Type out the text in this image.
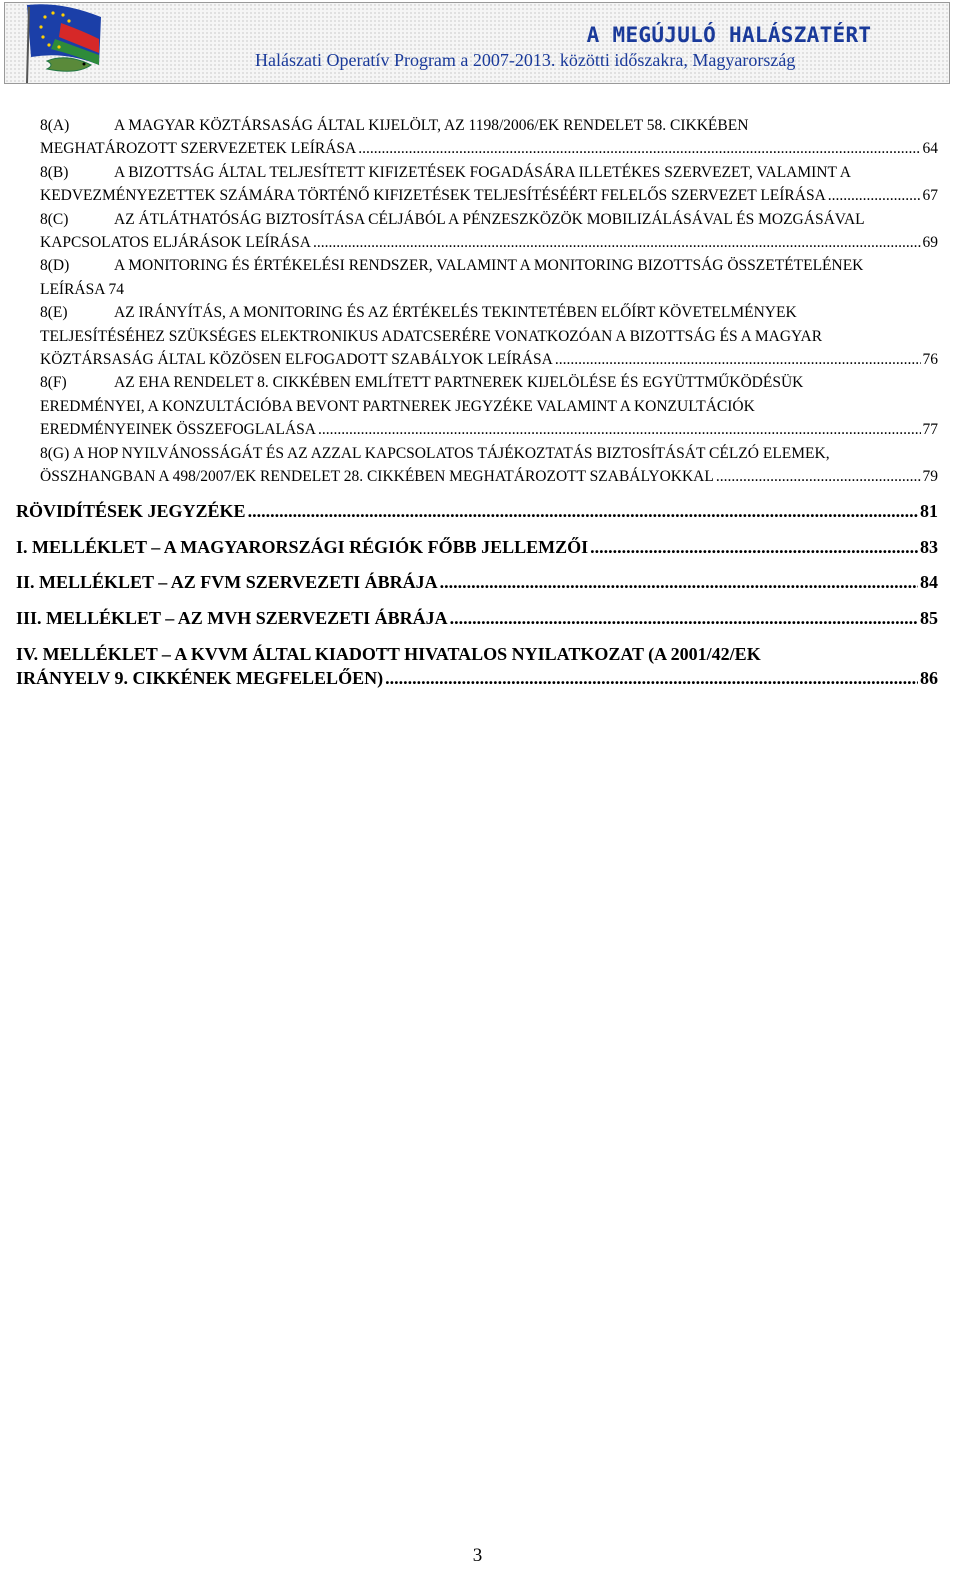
A MEGÚJULÓ HALÁSZATÉRT
Halászati Operatív Program a 2007-2013. közötti időszakra, Magyarország
8(A)	A MAGYAR KÖZTÁRSASÁG ÁLTAL KIJELÖLT, AZ 1198/2006/EK RENDELET 58. CIKKÉBEN
MEGHATÁROZOTT SZERVEZETEK LEÍRÁSA .....	64
8(B)	A BIZOTTSÁG ÁLTAL TELJESÍTETT KIFIZETÉSEK FOGADÁSÁRA ILLETÉKES SZERVEZET, VALAMINT A
KEDVEZMÉNYEZETTEK SZÁMÁRA TÖRTÉNŐ KIFIZETÉSEK TELJESÍTÉSÉÉRT FELELŐS SZERVEZET LEÍRÁSA .....	67
8(C)	AZ ÁTLÁTHATÓSÁG BIZTOSÍTÁSA CÉLJÁBÓL A PÉNZESZKÖZÖK MOBILIZÁLÁSÁVAL ÉS MOZGÁSÁVAL
KAPCSOLATOS ELJÁRÁSOK LEÍRÁSA .....	69
8(D)	A MONITORING ÉS ÉRTÉKELÉSI RENDSZER, VALAMINT A MONITORING BIZOTTSÁG ÖSSZETÉTELÉNEK
LEÍRÁSA 74
8(E)	AZ IRÁNYÍTÁS, A MONITORING ÉS AZ ÉRTÉKELÉS TEKINTETÉBEN ELŐÍRT KÖVETELMÉNYEK
TELJESÍTÉSÉHEZ SZÜKSÉGES ELEKTRONIKUS ADATCSERÉRE VONATKOZÓAN A BIZOTTSÁG ÉS A MAGYAR
KÖZTÁRSASÁG ÁLTAL KÖZÖSEN ELFOGADOTT SZABÁLYOK LEÍRÁSA .....	76
8(F)	AZ EHA RENDELET 8. CIKKÉBEN EMLÍTETT PARTNEREK KIJELÖLÉSE ÉS EGYÜTTMŰKÖDÉSÜK
EREDMÉNYEI, A KONZULTÁCIÓBA BEVONT PARTNEREK JEGYZÉKE VALAMINT A KONZULTÁCIÓK
EREDMÉNYEINEK ÖSSZEFOGLALÁSA .....	77
8(G) A HOP NYILVÁNOSSÁGÁT ÉS AZ AZZAL KAPCSOLATOS TÁJÉKOZTATÁS BIZTOSÍTÁSÁT CÉLZÓ ELEMEK,
ÖSSZHANGBAN A 498/2007/EK RENDELET 28. CIKKÉBEN MEGHATÁROZOTT SZABÁLYOKKAL .....	79
RÖVIDÍTÉSEK JEGYZÉKE .....	81
I. MELLÉKLET – A MAGYARORSZÁGI RÉGIÓK FŐBB JELLEMZŐI .....	83
II. MELLÉKLET – AZ FVM SZERVEZETI ÁBRÁJA .....	84
III. MELLÉKLET – AZ MVH SZERVEZETI ÁBRÁJA .....	85
IV. MELLÉKLET – A KVVM ÁLTAL KIADOTT HIVATALOS NYILATKOZAT (A 2001/42/EK
IRÁNYELV 9. CIKKÉNEK MEGFELELŐEN) .....	86
3
